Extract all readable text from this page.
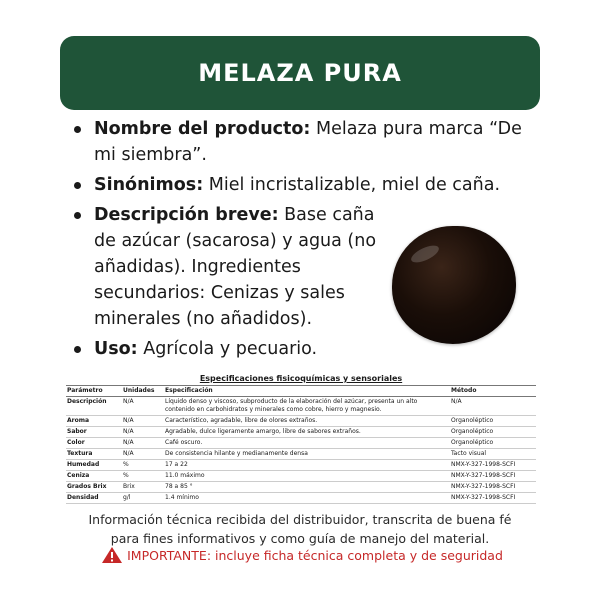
MELAZA PURA
Nombre del producto: Melaza pura marca “De mi siembra”.
Sinónimos: Miel incristalizable, miel de caña.
Descripción breve: Base caña de azúcar (sacarosa) y agua (no añadidas). Ingredientes secundarios: Cenizas y sales minerales (no añadidos).
Uso: Agrícola y pecuario.
Especificaciones fisicoquímicas y sensoriales
Parámetro	Unidades	Especificación	Método
Descripción	N/A	Líquido denso y viscoso, subproducto de la elaboración del azúcar, presenta un alto contenido en carbohidratos y minerales como cobre, hierro y magnesio.	N/A
Aroma	N/A	Característico, agradable, libre de olores extraños.	Organoléptico
Sabor	N/A	Agradable, dulce ligeramente amargo, libre de sabores extraños.	Organoléptico
Color	N/A	Café oscuro.	Organoléptico
Textura	N/A	De consistencia hilante y medianamente densa	Tacto visual
Humedad	%	17 a 22	NMX-Y-327-1998-SCFI
Ceniza	%	11.0 máximo	NMX-Y-327-1998-SCFI
Grados Brix	Brix	78 a 85 °	NMX-Y-327-1998-SCFI
Densidad	g/l	1.4 mínimo	NMX-Y-327-1998-SCFI
Información técnica recibida del distribuidor, transcrita de buena fé
para fines informativos y como guía de manejo del material.
IMPORTANTE: incluye ficha técnica completa y de seguridad
